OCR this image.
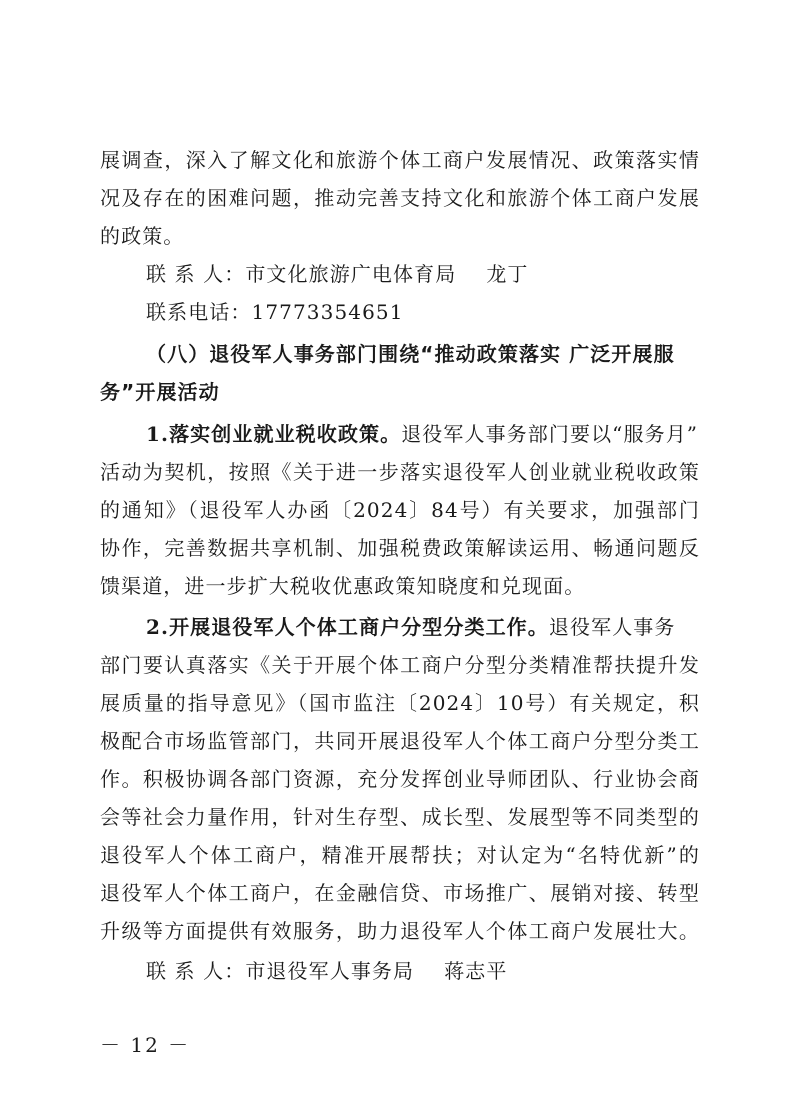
展调查，深入了解文化和旅游个体工商户发展情况、政策落实情
况及存在的困难问题，推动完善支持文化和旅游个体工商户发展
的政策。
联 系 人：市文化旅游广电体育局 龙丁
联系电话：17773354651
（八）退役军人事务部门围绕“推动政策落实 广泛开展服
务”开展活动
1.落实创业就业税收政策。退役军人事务部门要以“服务月”
活动为契机，按照《关于进一步落实退役军人创业就业税收政策
的通知》（退役军人办函〔2024〕84号）有关要求，加强部门
协作，完善数据共享机制、加强税费政策解读运用、畅通问题反
馈渠道，进一步扩大税收优惠政策知晓度和兑现面。
2.开展退役军人个体工商户分型分类工作。退役军人事务
部门要认真落实《关于开展个体工商户分型分类精准帮扶提升发
展质量的指导意见》（国市监注〔2024〕10号）有关规定，积
极配合市场监管部门，共同开展退役军人个体工商户分型分类工
作。积极协调各部门资源，充分发挥创业导师团队、行业协会商
会等社会力量作用，针对生存型、成长型、发展型等不同类型的
退役军人个体工商户，精准开展帮扶；对认定为“名特优新”的
退役军人个体工商户，在金融信贷、市场推广、展销对接、转型
升级等方面提供有效服务，助力退役军人个体工商户发展壮大。
联 系 人：市退役军人事务局 蒋志平
－ 12 －
